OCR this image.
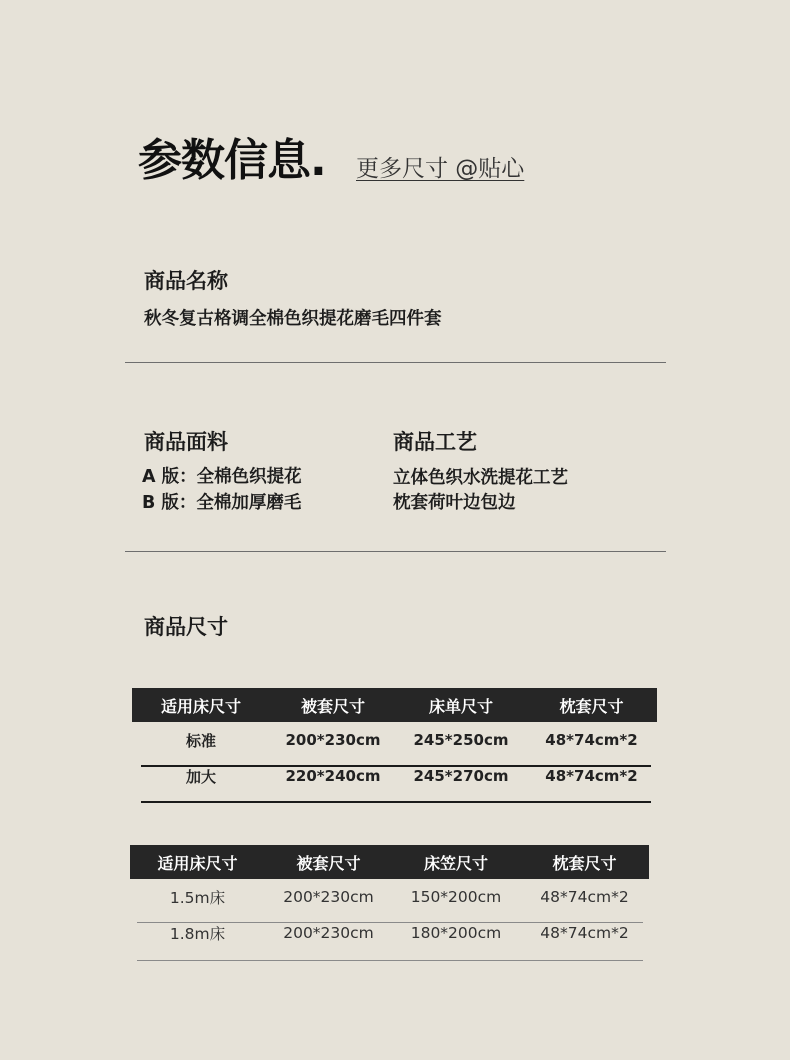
参数信息. 更多尺寸 @贴心
商品名称
秋冬复古格调全棉色织提花磨毛四件套
商品面料
A 版：全棉色织提花
B 版：全棉加厚磨毛
商品工艺
立体色织水洗提花工艺
枕套荷叶边包边
商品尺寸
适用床尺寸	被套尺寸	床单尺寸	枕套尺寸
标准	200*230cm	245*250cm	48*74cm*2
加大	220*240cm	245*270cm	48*74cm*2
适用床尺寸	被套尺寸	床笠尺寸	枕套尺寸
1.5m床	200*230cm	150*200cm	48*74cm*2
1.8m床	200*230cm	180*200cm	48*74cm*2
